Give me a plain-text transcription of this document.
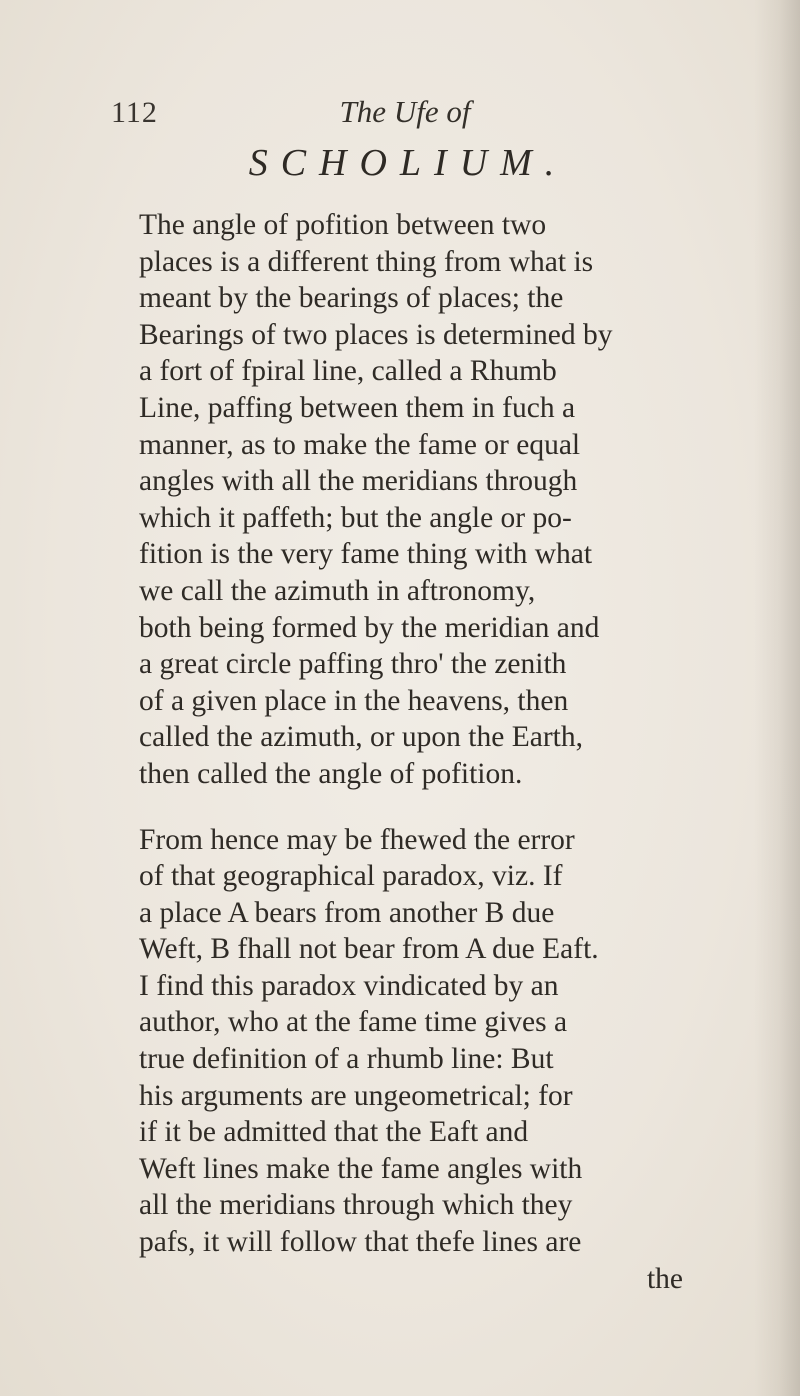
112	The Ufe of
SCHOLIUM.
The angle of pofition between two
places is a different thing from what is
meant by the bearings of places; the
Bearings of two places is determined by
a fort of fpiral line, called a Rhumb
Line, paffing between them in fuch a
manner, as to make the fame or equal
angles with all the meridians through
which it paffeth; but the angle or po-
fition is the very fame thing with what
we call the azimuth in aftronomy,
both being formed by the meridian and
a great circle paffing thro' the zenith
of a given place in the heavens, then
called the azimuth, or upon the Earth,
then called the angle of pofition.
From hence may be fhewed the error
of that geographical paradox, viz. If
a place A bears from another B due
Weft, B fhall not bear from A due Eaft.
I find this paradox vindicated by an
author, who at the fame time gives a
true definition of a rhumb line: But
his arguments are ungeometrical; for
if it be admitted that the Eaft and
Weft lines make the fame angles with
all the meridians through which they
pafs, it will follow that thefe lines are
the
